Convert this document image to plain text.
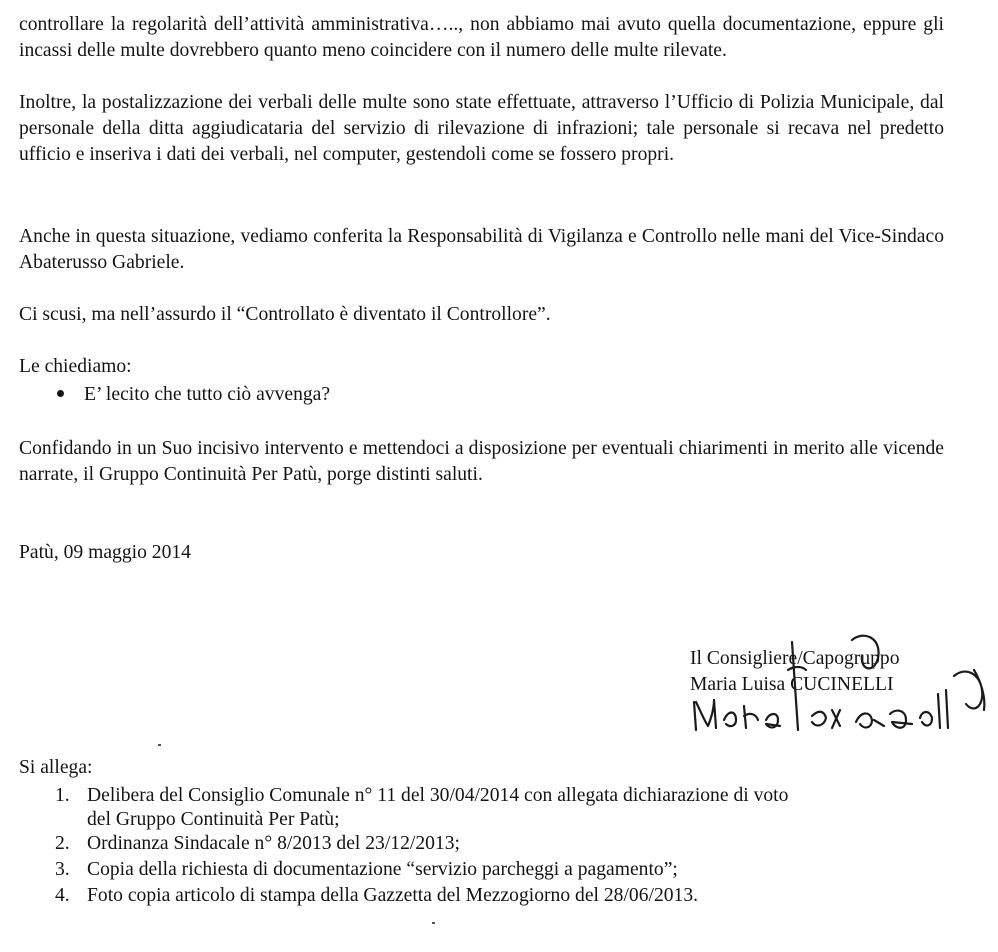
controllare la regolarità dell’attività amministrativa….., non abbiamo mai avuto quella documentazione, eppure gli incassi delle multe dovrebbero quanto meno coincidere con il numero delle multe rilevate.
Inoltre, la postalizzazione dei verbali delle multe sono state effettuate, attraverso l’Ufficio di Polizia Municipale, dal personale della ditta aggiudicataria del servizio di rilevazione di infrazioni; tale personale si recava nel predetto ufficio e inseriva i dati dei verbali, nel computer, gestendoli come se fossero propri.
Anche in questa situazione, vediamo conferita la Responsabilità di Vigilanza e Controllo nelle mani del Vice-Sindaco Abaterusso Gabriele.
Ci scusi, ma nell’assurdo il “Controllato è diventato il Controllore”.
Le chiediamo:
E’ lecito che tutto ciò avvenga?
Confidando in un Suo incisivo intervento e mettendoci a disposizione per eventuali chiarimenti in merito alle vicende narrate, il Gruppo Continuità Per Patù, porge distinti saluti.
Patù, 09 maggio 2014
Il Consigliere/Capogruppo
Maria Luisa CUCINELLI
Si allega:
1. Delibera del Consiglio Comunale n° 11 del 30/04/2014 con allegata dichiarazione di voto
del Gruppo Continuità Per Patù;
2. Ordinanza Sindacale n° 8/2013 del 23/12/2013;
3. Copia della richiesta di documentazione “servizio parcheggi a pagamento”;
4. Foto copia articolo di stampa della Gazzetta del Mezzogiorno del 28/06/2013.
